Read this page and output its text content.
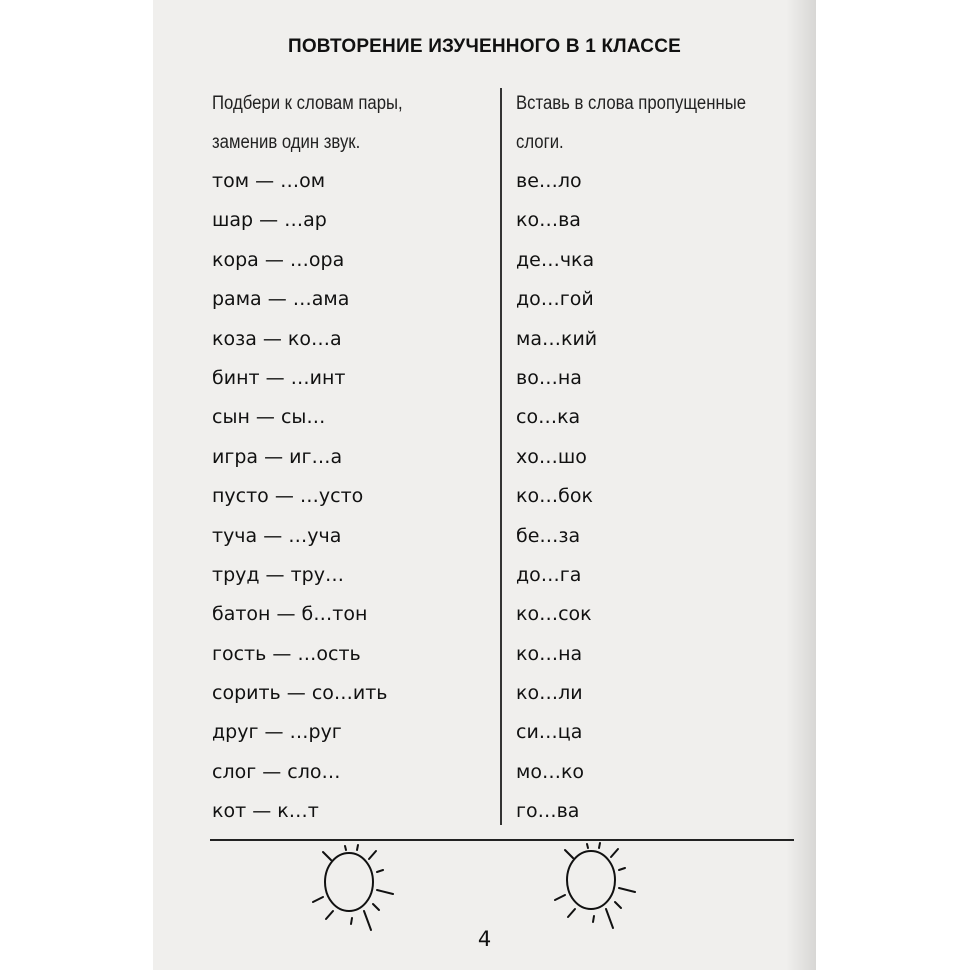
ПОВТОРЕНИЕ ИЗУЧЕННОГО В 1 КЛАССЕ
Подбери к словам пары,
заменив один звук.
том — …ом
шар — …ар
кора — …ора
рама — …ама
коза — ко…а
бинт — …инт
сын — сы…
игра — иг…а
пусто — …усто
туча — …уча
труд — тру…
батон — б…тон
гость — …ость
сорить — со…ить
друг — …руг
слог — сло…
кот — к…т
Вставь в слова пропущенные
слоги.
ве…ло
ко…ва
де…чка
до…гой
ма…кий
во…на
со…ка
хо…шо
ко…бок
бе…за
до…га
ко…сок
ко…на
ко…ли
си…ца
мо…ко
го…ва
4
